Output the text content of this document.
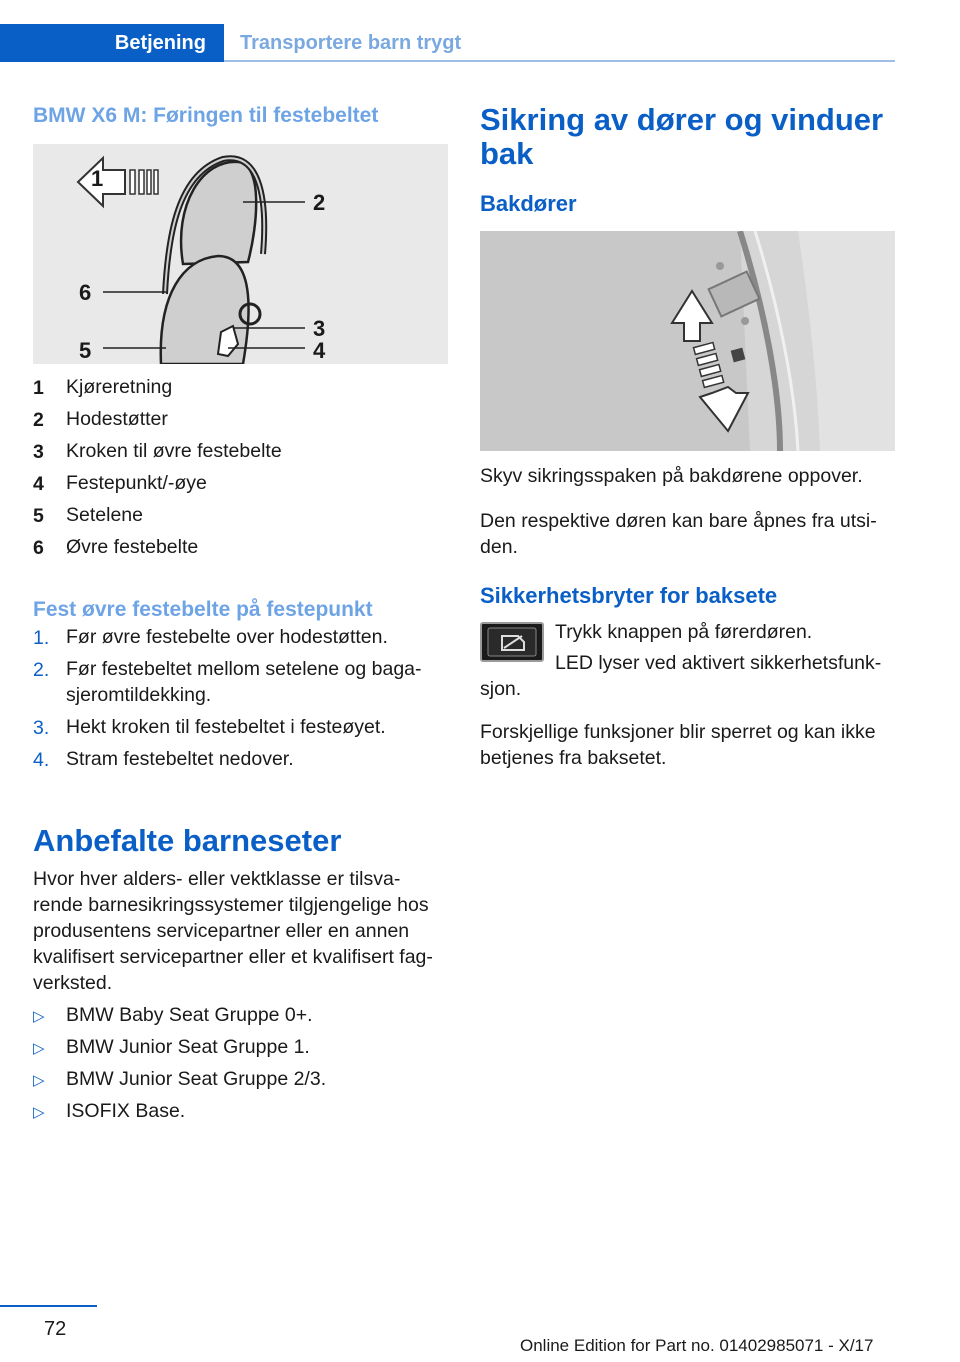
Betjening	Transportere barn trygt
BMW X6 M: Føringen til festebeltet
1
2
3
4
5
6
1 Kjøreretning
2 Hodestøtter
3 Kroken til øvre festebelte
4 Festepunkt/-øye
5 Setelene
6 Øvre festebelte
Fest øvre festebelte på festepunkt
1. Før øvre festebelte over hodestøtten.
2. Før festebeltet mellom setelene og baga‐
sjeromtildekking.
3. Hekt kroken til festebeltet i festeøyet.
4. Stram festebeltet nedover.
Anbefalte barneseter
Hvor hver alders- eller vektklasse er tilsva‐
rende barnesikringssystemer tilgjengelige hos
produsentens servicepartner eller en annen
kvalifisert servicepartner eller et kvalifisert fag‐
verksted.
▷ BMW Baby Seat Gruppe 0+.
▷ BMW Junior Seat Gruppe 1.
▷ BMW Junior Seat Gruppe 2/3.
▷ ISOFIX Base.
Sikring av dører og vinduer
bak
Bakdører
Skyv sikringsspaken på bakdørene oppover.
Den respektive døren kan bare åpnes fra utsi‐
den.
Sikkerhetsbryter for baksete
Trykk knappen på førerdøren.
LED lyser ved aktivert sikkerhetsfunk‐
sjon.
Forskjellige funksjoner blir sperret og kan ikke
betjenes fra baksetet.
72
Online Edition for Part no. 01402985071 - X/17
